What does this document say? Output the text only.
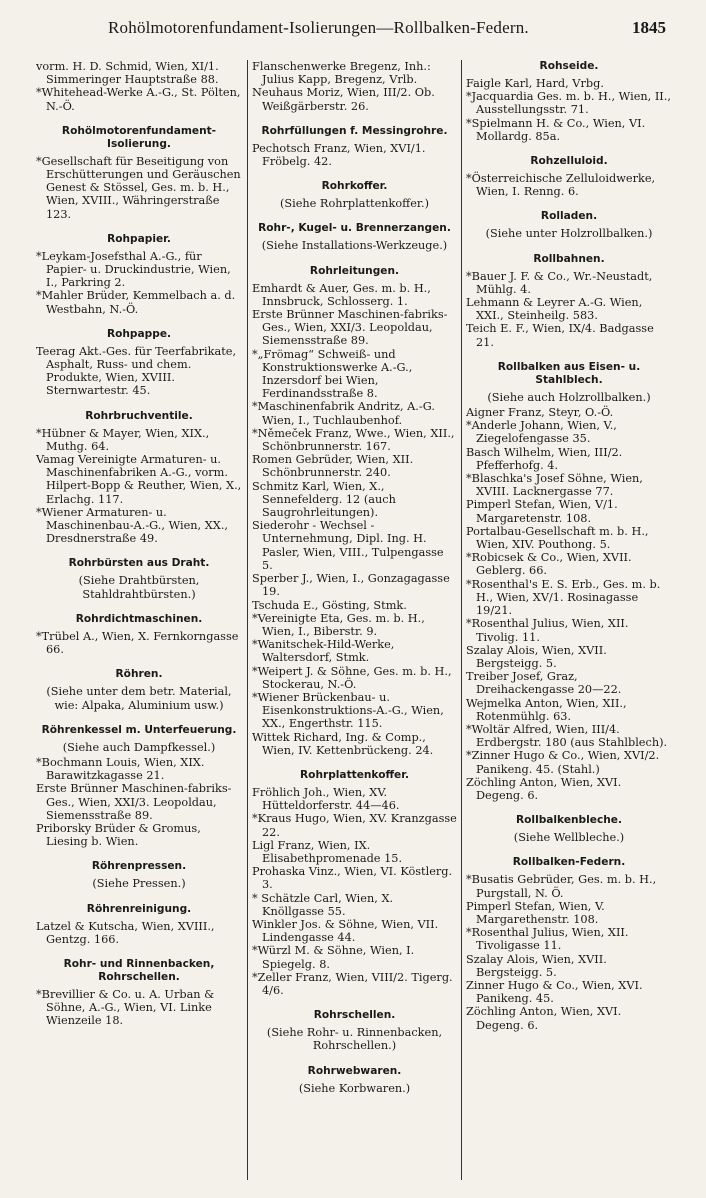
Rohölmotorenfundament-Isolierungen—Rollbalken-Federn.	1845
vorm. H. D. Schmid, Wien, XI/1. Simmeringer Hauptstraße 88.
*Whitehead-Werke A.-G., St. Pölten, N.-Ö.
Rohölmotorenfundament-Isolierung.
*Gesellschaft für Beseitigung von Erschütterungen und Geräuschen Genest & Stössel, Ges. m. b. H., Wien, XVIII., Währingerstraße 123.
Rohpapier.
*Leykam-Josefsthal A.-G., für Papier- u. Druckindustrie, Wien, I., Parkring 2.
*Mahler Brüder, Kemmelbach a. d. Westbahn, N.-Ö.
Rohpappe.
Teerag Akt.-Ges. für Teerfabrikate, Asphalt, Russ- und chem. Produkte, Wien, XVIII. Sternwartestr. 45.
Rohrbruchventile.
*Hübner & Mayer, Wien, XIX., Muthg. 64.
Vamag Vereinigte Armaturen- u. Maschinenfabriken A.-G., vorm. Hilpert-Bopp & Reuther, Wien, X., Erlachg. 117.
*Wiener Armaturen- u. Maschinenbau-A.-G., Wien, XX., Dresdnerstraße 49.
Rohrbürsten aus Draht.
(Siehe Drahtbürsten, Stahldrahtbürsten.)
Rohrdichtmaschinen.
*Trübel A., Wien, X. Fernkorngasse 66.
Röhren.
(Siehe unter dem betr. Material, wie: Alpaka, Aluminium usw.)
Röhrenkessel m. Unterfeuerung.
(Siehe auch Dampfkessel.)
*Bochmann Louis, Wien, XIX. Barawitzkagasse 21.
Erste Brünner Maschinen-fabriks-Ges., Wien, XXI/3. Leopoldau, Siemensstraße 89.
Priborsky Brüder & Gromus, Liesing b. Wien.
Röhrenpressen.
(Siehe Pressen.)
Röhrenreinigung.
Latzel & Kutscha, Wien, XVIII., Gentzg. 166.
Rohr- und Rinnenbacken, Rohrschellen.
*Brevillier & Co. u. A. Urban & Söhne, A.-G., Wien, VI. Linke Wienzeile 18.
Flanschenwerke Bregenz, Inh.: Julius Kapp, Bregenz, Vrlb.
Neuhaus Moriz, Wien, III/2. Ob. Weißgärberstr. 26.
Rohrfüllungen f. Messingrohre.
Pechotsch Franz, Wien, XVI/1. Fröbelg. 42.
Rohrkoffer.
(Siehe Rohrplattenkoffer.)
Rohr-, Kugel- u. Brennerzangen.
(Siehe Installations-Werkzeuge.)
Rohrleitungen.
Emhardt & Auer, Ges. m. b. H., Innsbruck, Schlosserg. 1.
Erste Brünner Maschinen-fabriks-Ges., Wien, XXI/3. Leopoldau, Siemensstraße 89.
*„Frömag“ Schweiß- und Konstruktionswerke A.-G., Inzersdorf bei Wien, Ferdinandsstraße 8.
*Maschinenfabrik Andritz, A.-G. Wien, I., Tuchlaubenhof.
*Němeček Franz, Wwe., Wien, XII., Schönbrunnerstr. 167.
Romen Gebrüder, Wien, XII. Schönbrunnerstr. 240.
Schmitz Karl, Wien, X., Sennefelderg. 12 (auch Saugrohrleitungen).
Siederohr - Wechsel - Unternehmung, Dipl. Ing. H. Pasler, Wien, VIII., Tulpengasse 5.
Sperber J., Wien, I., Gonzagagasse 19.
Tschuda E., Gösting, Stmk.
*Vereinigte Eta, Ges. m. b. H., Wien, I., Biberstr. 9.
*Wanitschek-Hild-Werke, Waltersdorf, Stmk.
*Weipert J. & Söhne, Ges. m. b. H., Stockerau, N.-Ö.
*Wiener Brückenbau- u. Eisenkonstruktions-A.-G., Wien, XX., Engerthstr. 115.
Wittek Richard, Ing. & Comp., Wien, IV. Kettenbrückeng. 24.
Rohrplattenkoffer.
Fröhlich Joh., Wien, XV. Hütteldorferstr. 44—46.
*Kraus Hugo, Wien, XV. Kranzgasse 22.
Ligl Franz, Wien, IX. Elisabethpromenade 15.
Prohaska Vinz., Wien, VI. Köstlerg. 3.
* Schätzle Carl, Wien, X. Knöllgasse 55.
Winkler Jos. & Söhne, Wien, VII. Lindengasse 44.
*Würzl M. & Söhne, Wien, I. Spiegelg. 8.
*Zeller Franz, Wien, VIII/2. Tigerg. 4/6.
Rohrschellen.
(Siehe Rohr- u. Rinnenbacken, Rohrschellen.)
Rohrwebwaren.
(Siehe Korbwaren.)
Rohseide.
Faigle Karl, Hard, Vrbg.
*Jacquardia Ges. m. b. H., Wien, II., Ausstellungsstr. 71.
*Spielmann H. & Co., Wien, VI. Mollardg. 85a.
Rohzelluloid.
*Österreichische Zelluloidwerke, Wien, I. Renng. 6.
Rolladen.
(Siehe unter Holzrollbalken.)
Rollbahnen.
*Bauer J. F. & Co., Wr.-Neustadt, Mühlg. 4.
Lehmann & Leyrer A.-G. Wien, XXI., Steinheilg. 583.
Teich E. F., Wien, IX/4. Badgasse 21.
Rollbalken aus Eisen- u. Stahlblech.
(Siehe auch Holzrollbalken.)
Aigner Franz, Steyr, O.-Ö.
*Anderle Johann, Wien, V., Ziegelofengasse 35.
Basch Wilhelm, Wien, III/2. Pfefferhofg. 4.
*Blaschka's Josef Söhne, Wien, XVIII. Lacknergasse 77.
Pimperl Stefan, Wien, V/1. Margaretenstr. 108.
Portalbau-Gesellschaft m. b. H., Wien, XIV. Pouthong. 5.
*Robicsek & Co., Wien, XVII. Geblerg. 66.
*Rosenthal's E. S. Erb., Ges. m. b. H., Wien, XV/1. Rosinagasse 19/21.
*Rosenthal Julius, Wien, XII. Tivolig. 11.
Szalay Alois, Wien, XVII. Bergsteigg. 5.
Treiber Josef, Graz, Dreihackengasse 20—22.
Wejmelka Anton, Wien, XII., Rotenmühlg. 63.
*Woltär Alfred, Wien, III/4. Erdbergstr. 180 (aus Stahlblech).
*Zinner Hugo & Co., Wien, XVI/2. Panikeng. 45. (Stahl.)
Zöchling Anton, Wien, XVI. Degeng. 6.
Rollbalkenbleche.
(Siehe Wellbleche.)
Rollbalken-Federn.
*Busatis Gebrüder, Ges. m. b. H., Purgstall, N. Ö.
Pimperl Stefan, Wien, V. Margarethenstr. 108.
*Rosenthal Julius, Wien, XII. Tivoligasse 11.
Szalay Alois, Wien, XVII. Bergsteigg. 5.
Zinner Hugo & Co., Wien, XVI. Panikeng. 45.
Zöchling Anton, Wien, XVI. Degeng. 6.
